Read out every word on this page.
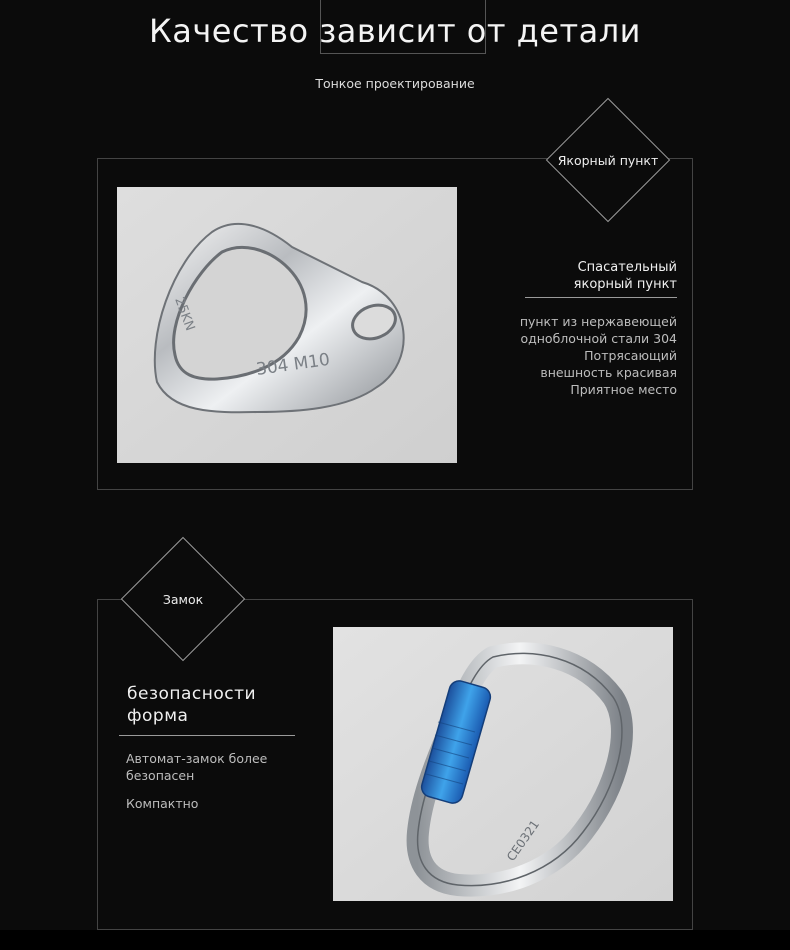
Качество зависит от детали
Тонкое проектирование
Якорный пункт
304 M10
25KN
Спасательный
якорный пункт
пункт из нержавеющей
одноблочной стали 304
Потрясающий
внешность красивая
Приятное место
Замок
CE0321
безопасности
форма
Автомат-замок более
безопасен
Компактно
